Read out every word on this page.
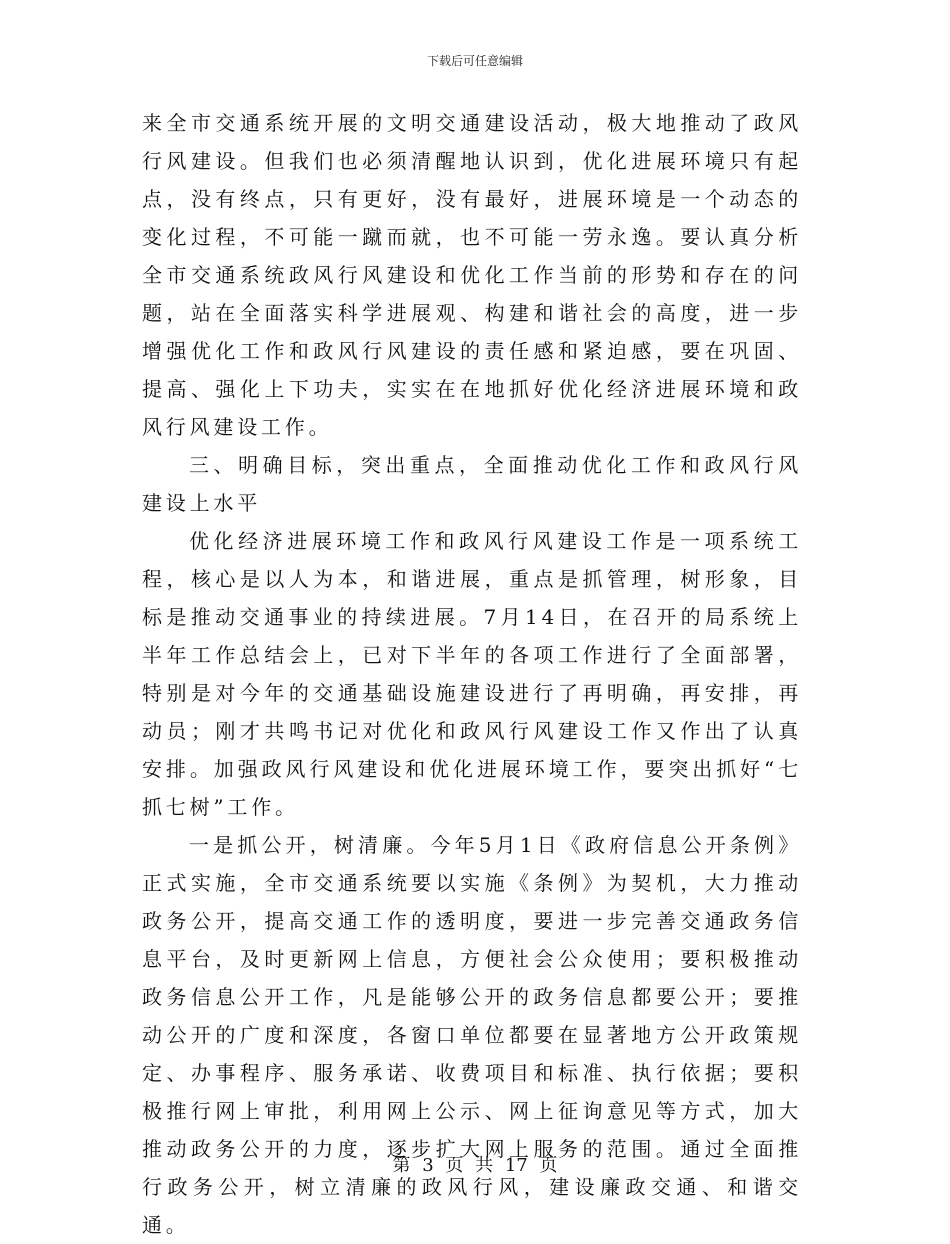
下载后可任意编辑

来全市交通系统开展的文明交通建设活动，极大地推动了政风行风建设。但我们也必须清醒地认识到，优化进展环境只有起点，没有终点，只有更好，没有最好，进展环境是一个动态的变化过程，不可能一蹴而就，也不可能一劳永逸。要认真分析全市交通系统政风行风建设和优化工作当前的形势和存在的问题，站在全面落实科学进展观、构建和谐社会的高度，进一步增强优化工作和政风行风建设的责任感和紧迫感，要在巩固、提高、强化上下功夫，实实在在地抓好优化经济进展环境和政风行风建设工作。

三、明确目标，突出重点，全面推动优化工作和政风行风建设上水平

优化经济进展环境工作和政风行风建设工作是一项系统工程，核心是以人为本，和谐进展，重点是抓管理，树形象，目标是推动交通事业的持续进展。7月14日，在召开的局系统上半年工作总结会上，已对下半年的各项工作进行了全面部署，特别是对今年的交通基础设施建设进行了再明确，再安排，再动员；刚才共鸣书记对优化和政风行风建设工作又作出了认真安排。加强政风行风建设和优化进展环境工作，要突出抓好“七抓七树”工作。

一是抓公开，树清廉。今年5月1日《政府信息公开条例》正式实施，全市交通系统要以实施《条例》为契机，大力推动政务公开，提高交通工作的透明度，要进一步完善交通政务信息平台，及时更新网上信息，方便社会公众使用；要积极推动政务信息公开工作，凡是能够公开的政务信息都要公开；要推动公开的广度和深度，各窗口单位都要在显著地方公开政策规定、办事程序、服务承诺、收费项目和标准、执行依据；要积极推行网上审批，利用网上公示、网上征询意见等方式，加大推动政务公开的力度，逐步扩大网上服务的范围。通过全面推行政务公开，树立清廉的政风行风，建设廉政交通、和谐交通。

第 3 页 共 17 页
